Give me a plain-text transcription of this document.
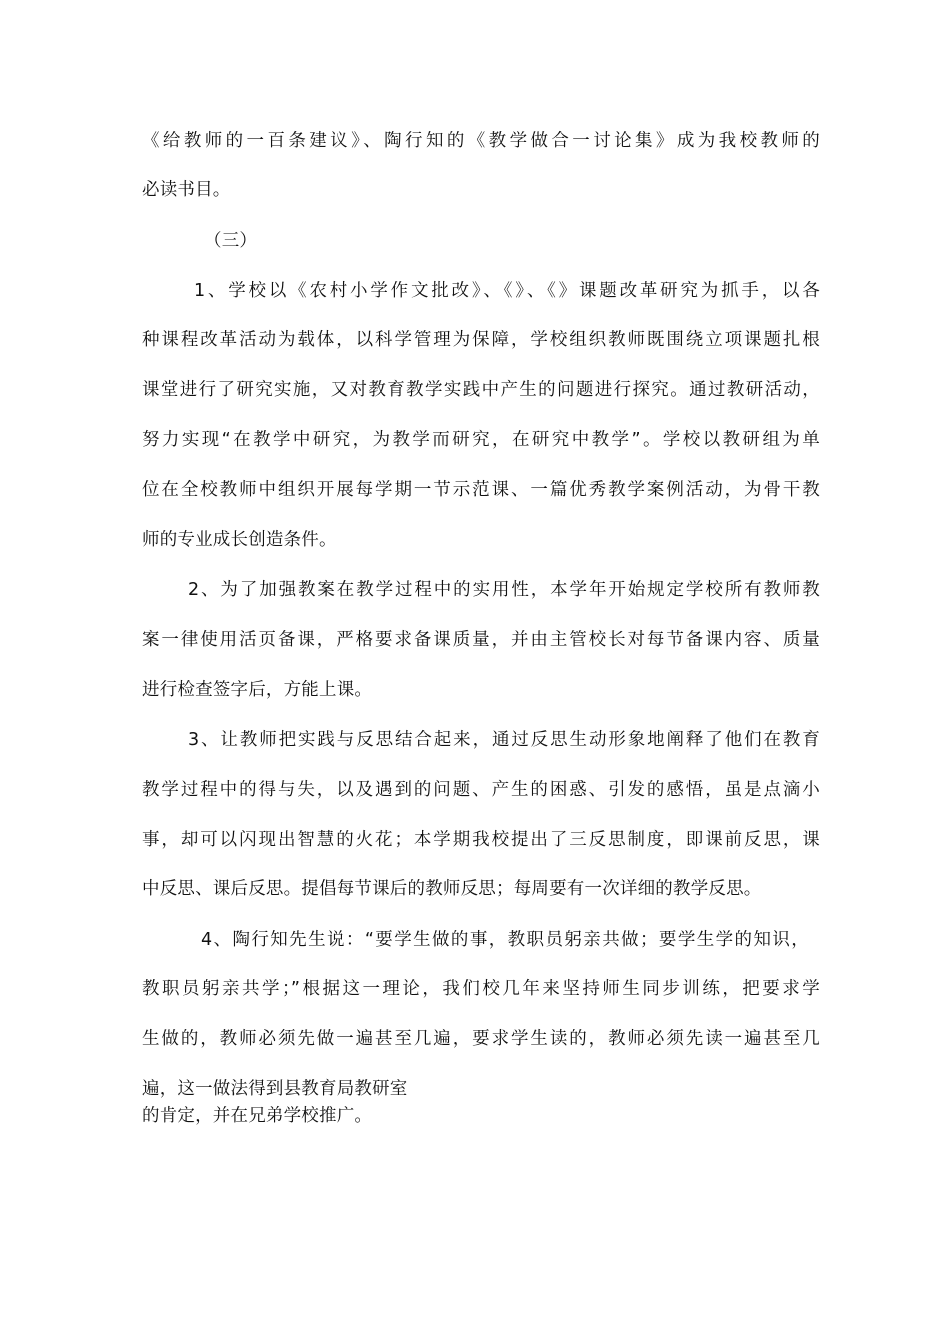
《给教师的一百条建议》、陶行知的《教学做合一讨论集》成为我校教师的
必读书目。
（三）
1、学校以《农村小学作文批改》、《》、《》课题改革研究为抓手，以各
种课程改革活动为载体，以科学管理为保障，学校组织教师既围绕立项课题扎根
课堂进行了研究实施，又对教育教学实践中产生的问题进行探究。通过教研活动，
努力实现“在教学中研究，为教学而研究，在研究中教学”。学校以教研组为单
位在全校教师中组织开展每学期一节示范课、一篇优秀教学案例活动，为骨干教
师的专业成长创造条件。
2、为了加强教案在教学过程中的实用性，本学年开始规定学校所有教师教
案一律使用活页备课，严格要求备课质量，并由主管校长对每节备课内容、质量
进行检查签字后，方能上课。
3、让教师把实践与反思结合起来，通过反思生动形象地阐释了他们在教育
教学过程中的得与失，以及遇到的问题、产生的困惑、引发的感悟，虽是点滴小
事，却可以闪现出智慧的火花；本学期我校提出了三反思制度，即课前反思，课
中反思、课后反思。提倡每节课后的教师反思；每周要有一次详细的教学反思。
4、陶行知先生说：“要学生做的事，教职员躬亲共做；要学生学的知识，
教职员躬亲共学；”根据这一理论，我们校几年来坚持师生同步训练，把要求学
生做的，教师必须先做一遍甚至几遍，要求学生读的，教师必须先读一遍甚至几
遍，这一做法得到县教育局教研室
的肯定，并在兄弟学校推广。
